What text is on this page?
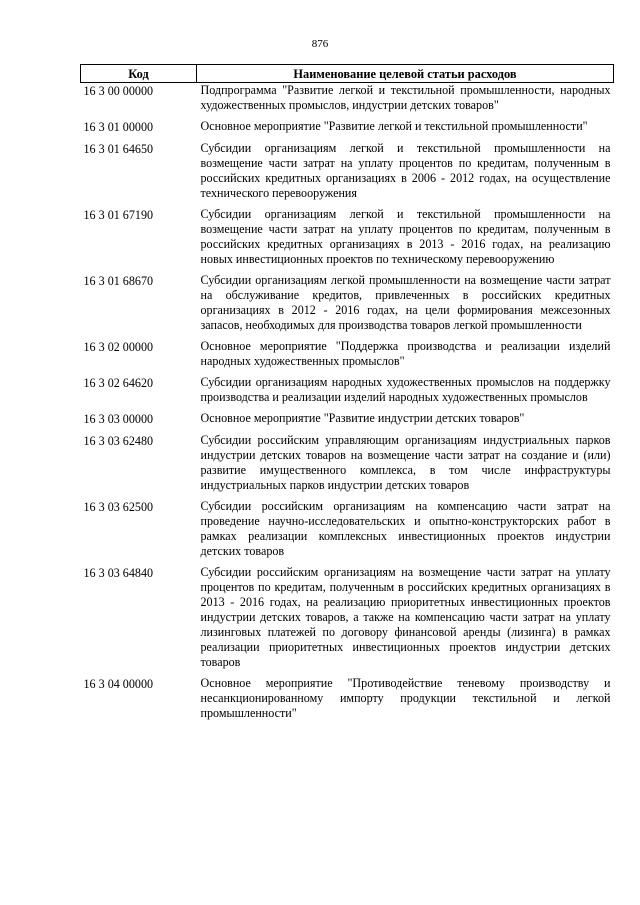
876
Код	Наименование целевой статьи расходов
16 3 00 00000	Подпрограмма "Развитие легкой и текстильной промышленности, народных художественных промыслов, индустрии детских товаров"
16 3 01 00000	Основное мероприятие "Развитие легкой и текстильной промышленности"
16 3 01 64650	Субсидии организациям легкой и текстильной промышленности на возмещение части затрат на уплату процентов по кредитам, полученным в российских кредитных организациях в 2006 - 2012 годах, на осуществление технического перевооружения
16 3 01 67190	Субсидии организациям легкой и текстильной промышленности на возмещение части затрат на уплату процентов по кредитам, полученным в российских кредитных организациях в 2013 - 2016 годах, на реализацию новых инвестиционных проектов по техническому перевооружению
16 3 01 68670	Субсидии организациям легкой промышленности на возмещение части затрат на обслуживание кредитов, привлеченных в российских кредитных организациях в 2012 - 2016 годах, на цели формирования межсезонных запасов, необходимых для производства товаров легкой промышленности
16 3 02 00000	Основное мероприятие "Поддержка производства и реализации изделий народных художественных промыслов"
16 3 02 64620	Субсидии организациям народных художественных промыслов на поддержку производства и реализации изделий народных художественных промыслов
16 3 03 00000	Основное мероприятие "Развитие индустрии детских товаров"
16 3 03 62480	Субсидии российским управляющим организациям индустриальных парков индустрии детских товаров на возмещение части затрат на создание и (или) развитие имущественного комплекса, в том числе инфраструктуры индустриальных парков индустрии детских товаров
16 3 03 62500	Субсидии российским организациям на компенсацию части затрат на проведение научно-исследовательских и опытно-конструкторских работ в рамках реализации комплексных инвестиционных проектов индустрии детских товаров
16 3 03 64840	Субсидии российским организациям на возмещение части затрат на уплату процентов по кредитам, полученным в российских кредитных организациях в 2013 - 2016 годах, на реализацию приоритетных инвестиционных проектов индустрии детских товаров, а также на компенсацию части затрат на уплату лизинговых платежей по договору финансовой аренды (лизинга) в рамках реализации приоритетных инвестиционных проектов индустрии детских товаров
16 3 04 00000	Основное мероприятие "Противодействие теневому производству и несанкционированному импорту продукции текстильной и легкой промышленности"
